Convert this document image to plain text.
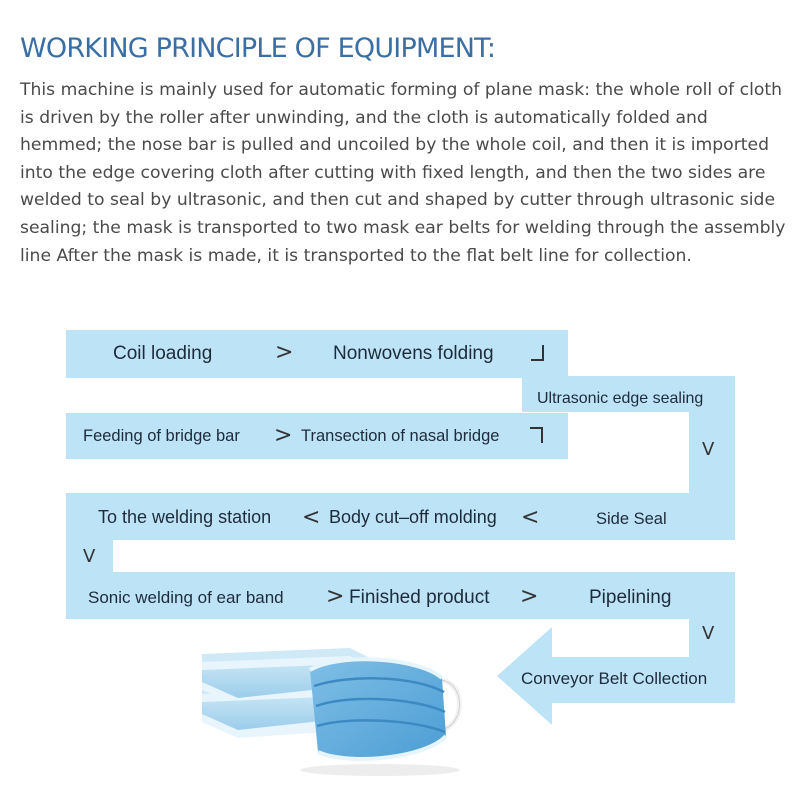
WORKING PRINCIPLE OF EQUIPMENT:

This machine is mainly used for automatic forming of plane mask: the whole roll of cloth is driven by the roller after unwinding, and the cloth is automatically folded and hemmed; the nose bar is pulled and uncoiled by the whole coil, and then it is imported into the edge covering cloth after cutting with fixed length, and then the two sides are welded to seal by ultrasonic, and then cut and shaped by cutter through ultrasonic side sealing; the mask is transported to two mask ear belts for welding through the assembly line After the mask is made, it is transported to the flat belt line for collection.

Coil loading	> Nonwovens folding
Ultrasonic edge sealing
Feeding of bridge bar > Transection of nasal bridge
V
To the welding station < Body cut–off molding <	Side Seal
V
Sonic welding of ear band > Finished product >	Pipelining
V
Conveyor Belt Collection
